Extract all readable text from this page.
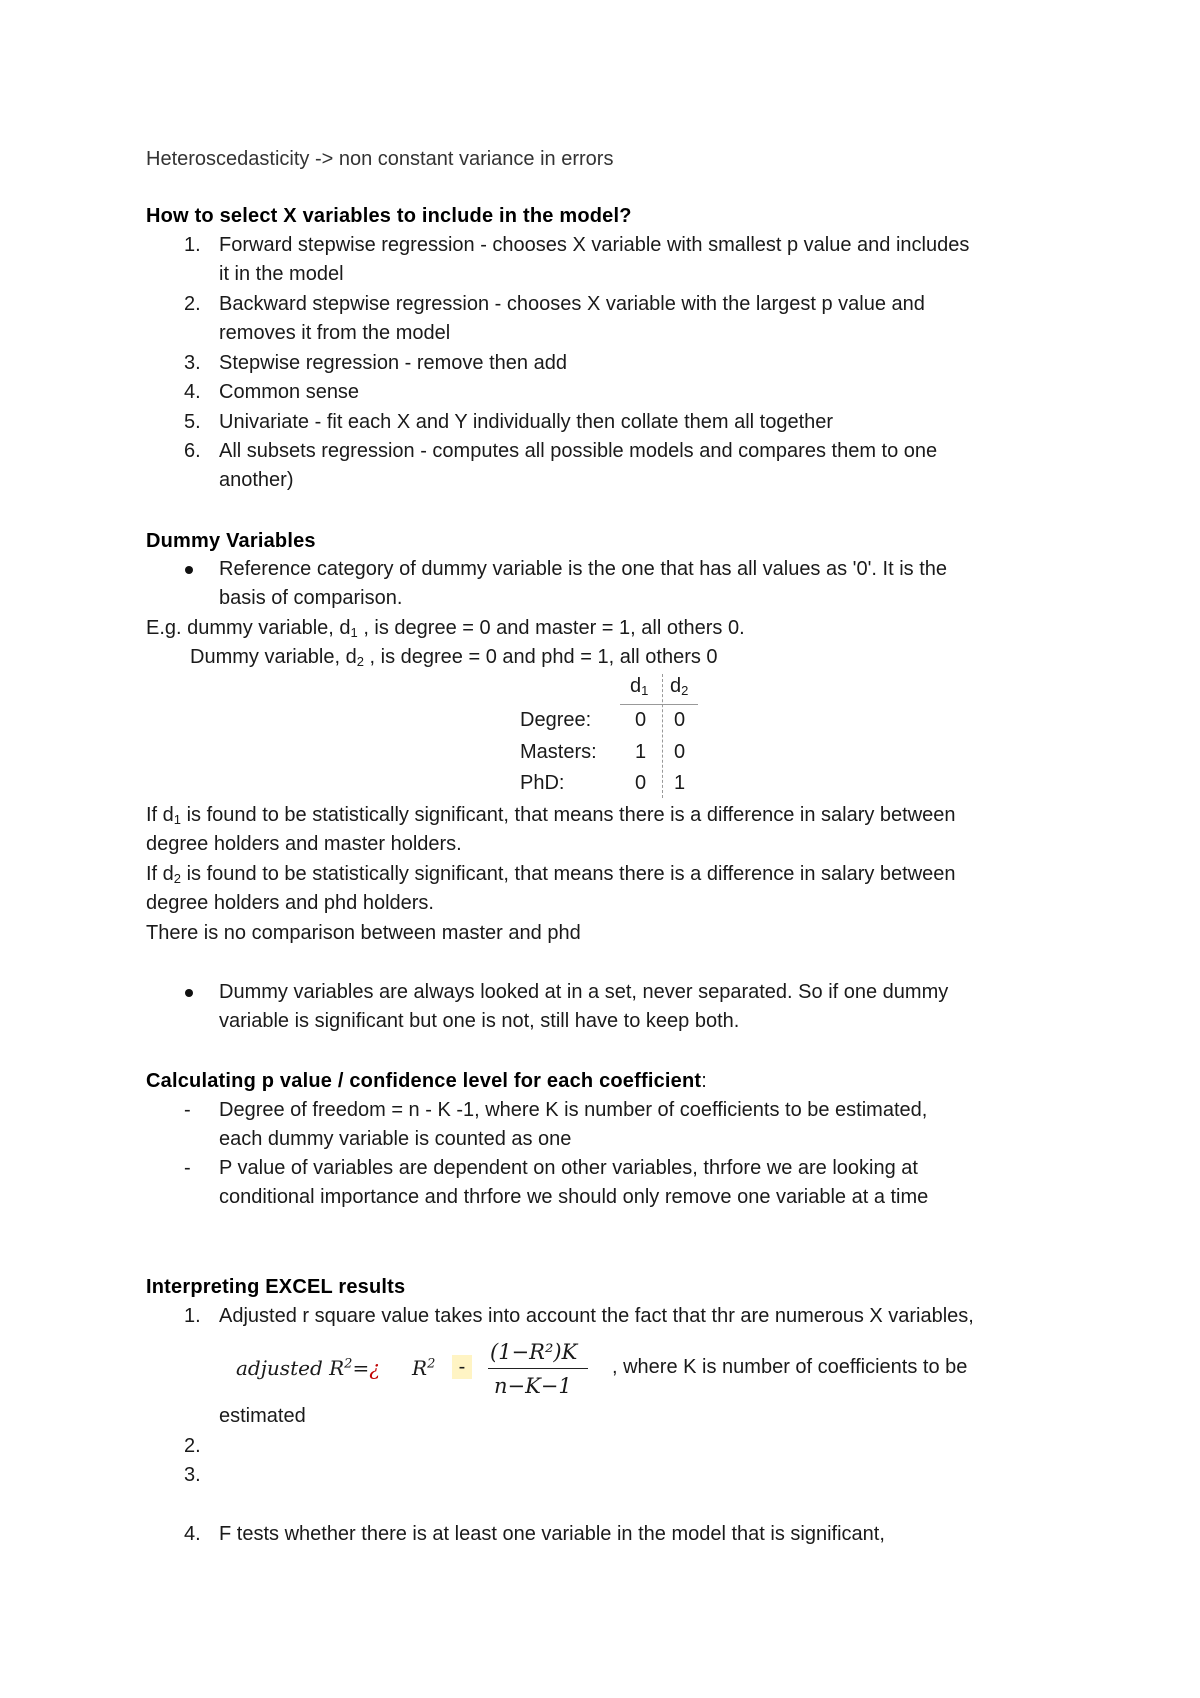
Heteroscedasticity -> non constant variance in errors
How to select X variables to include in the model?
1. Forward stepwise regression - chooses X variable with smallest p value and includes
it in the model
2. Backward stepwise regression - chooses X variable with the largest p value and
removes it from the model
3. Stepwise regression - remove then add
4. Common sense
5. Univariate - fit each X and Y individually then collate them all together
6. All subsets regression - computes all possible models and compares them to one
another)
Dummy Variables
Reference category of dummy variable is the one that has all values as '0'. It is the
basis of comparison.
E.g. dummy variable, $d_1$ , is degree = 0 and master = 1, all others 0.
Dummy variable, $d_2$ , is degree = 0 and phd = 1, all others 0
$d_1$ $d_2$
Degree: 0 0
Masters: 1 0
PhD:	0 1
If $d_1$ is found to be statistically significant, that means there is a difference in salary between
degree holders and master holders.
If $d_2$ is found to be statistically significant, that means there is a difference in salary between
degree holders and phd holders.
There is no comparison between master and phd
Dummy variables are always looked at in a set, never separated. So if one dummy
variable is significant but one is not, still have to keep both.
Calculating p value / confidence level for each coefficient:
- Degree of freedom = n - K -1, where K is number of coefficients to be estimated,
each dummy variable is counted as one
- P value of variables are dependent on other variables, thrfore we are looking at
conditional importance and thrfore we should only remove one variable at a time
Interpreting EXCEL results
1. Adjusted r square value takes into account the fact that thr are numerous X variables,
adjusted $R^2=¿$ $R^2$	-
(1−R²)K
n−K−1
, where K is number of coefficients to be
estimated
2.
3.
4. F tests whether there is at least one variable in the model that is significant,
